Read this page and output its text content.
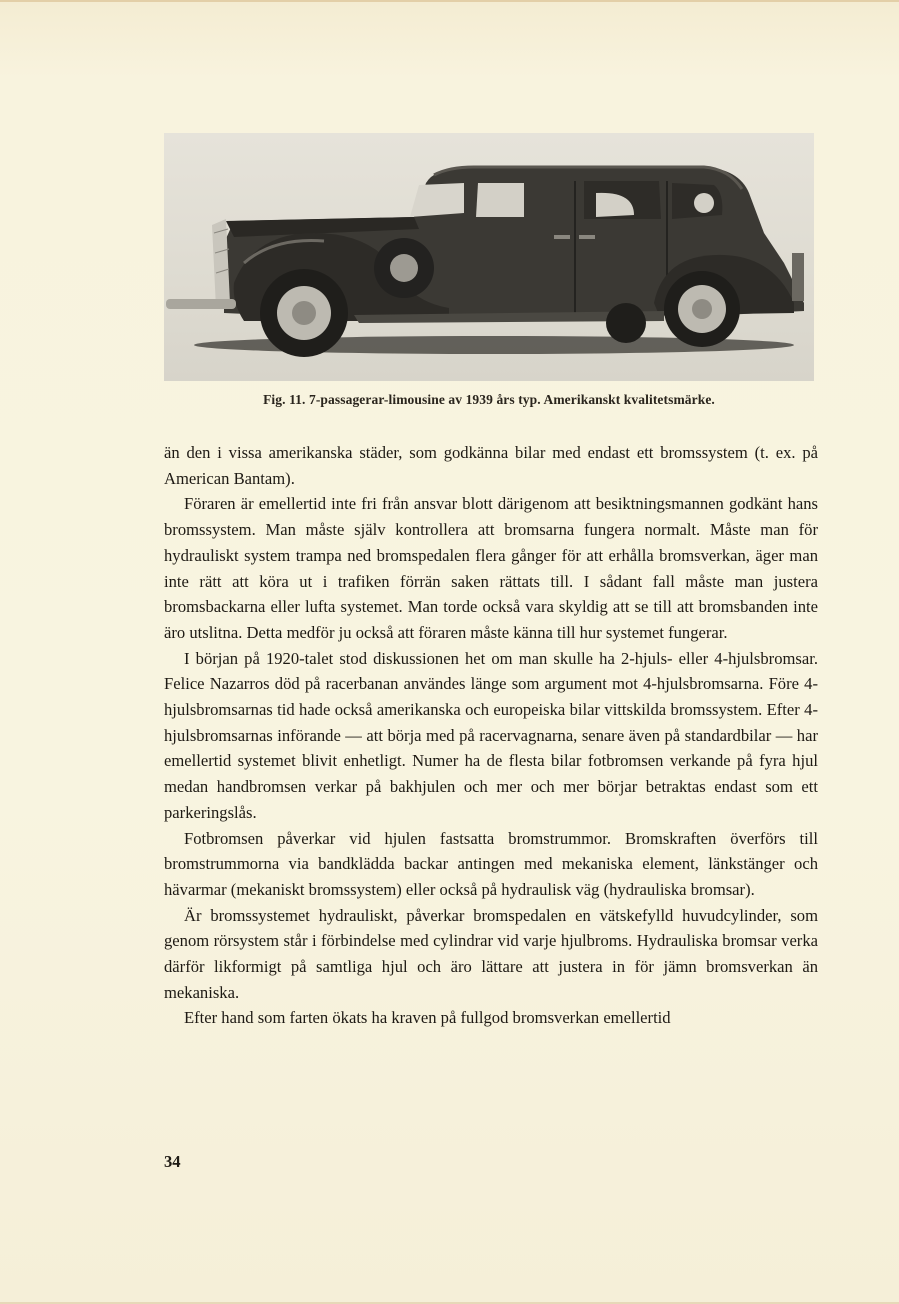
Fig. 11. 7-passagerar-limousine av 1939 års typ. Amerikanskt kvalitetsmärke.

än den i vissa amerikanska städer, som godkänna bilar med endast ett bromssystem (t. ex. på American Bantam).

Föraren är emellertid inte fri från ansvar blott därigenom att besiktningsmannen godkänt hans bromssystem. Man måste själv kontrollera att bromsarna fungera normalt. Måste man för hydrauliskt system trampa ned bromspedalen flera gånger för att erhålla bromsverkan, äger man inte rätt att köra ut i trafiken förrän saken rättats till. I sådant fall måste man justera bromsbackarna eller lufta systemet. Man torde också vara skyldig att se till att bromsbanden inte äro utslitna. Detta medför ju också att föraren måste känna till hur systemet fungerar.

I början på 1920-talet stod diskussionen het om man skulle ha 2-hjuls- eller 4-hjulsbromsar. Felice Nazarros död på racerbanan användes länge som argument mot 4-hjulsbromsarna. Före 4-hjulsbromsarnas tid hade också amerikanska och europeiska bilar vittskilda bromssystem. Efter 4-hjulsbromsarnas införande — att börja med på racervagnarna, senare även på standardbilar — har emellertid systemet blivit enhetligt. Numer ha de flesta bilar fotbromsen verkande på fyra hjul medan handbromsen verkar på bakhjulen och mer och mer börjar betraktas endast som ett parkeringslås.

Fotbromsen påverkar vid hjulen fastsatta bromstrummor. Bromskraften överförs till bromstrummorna via bandklädda backar antingen med mekaniska element, länkstänger och hävarmar (mekaniskt bromssystem) eller också på hydraulisk väg (hydrauliska bromsar).

Är bromssystemet hydrauliskt, påverkar bromspedalen en vätskefylld huvudcylinder, som genom rörsystem står i förbindelse med cylindrar vid varje hjulbroms. Hydrauliska bromsar verka därför likformigt på samtliga hjul och äro lättare att justera in för jämn bromsverkan än mekaniska.

Efter hand som farten ökats ha kraven på fullgod bromsverkan emellertid

34
